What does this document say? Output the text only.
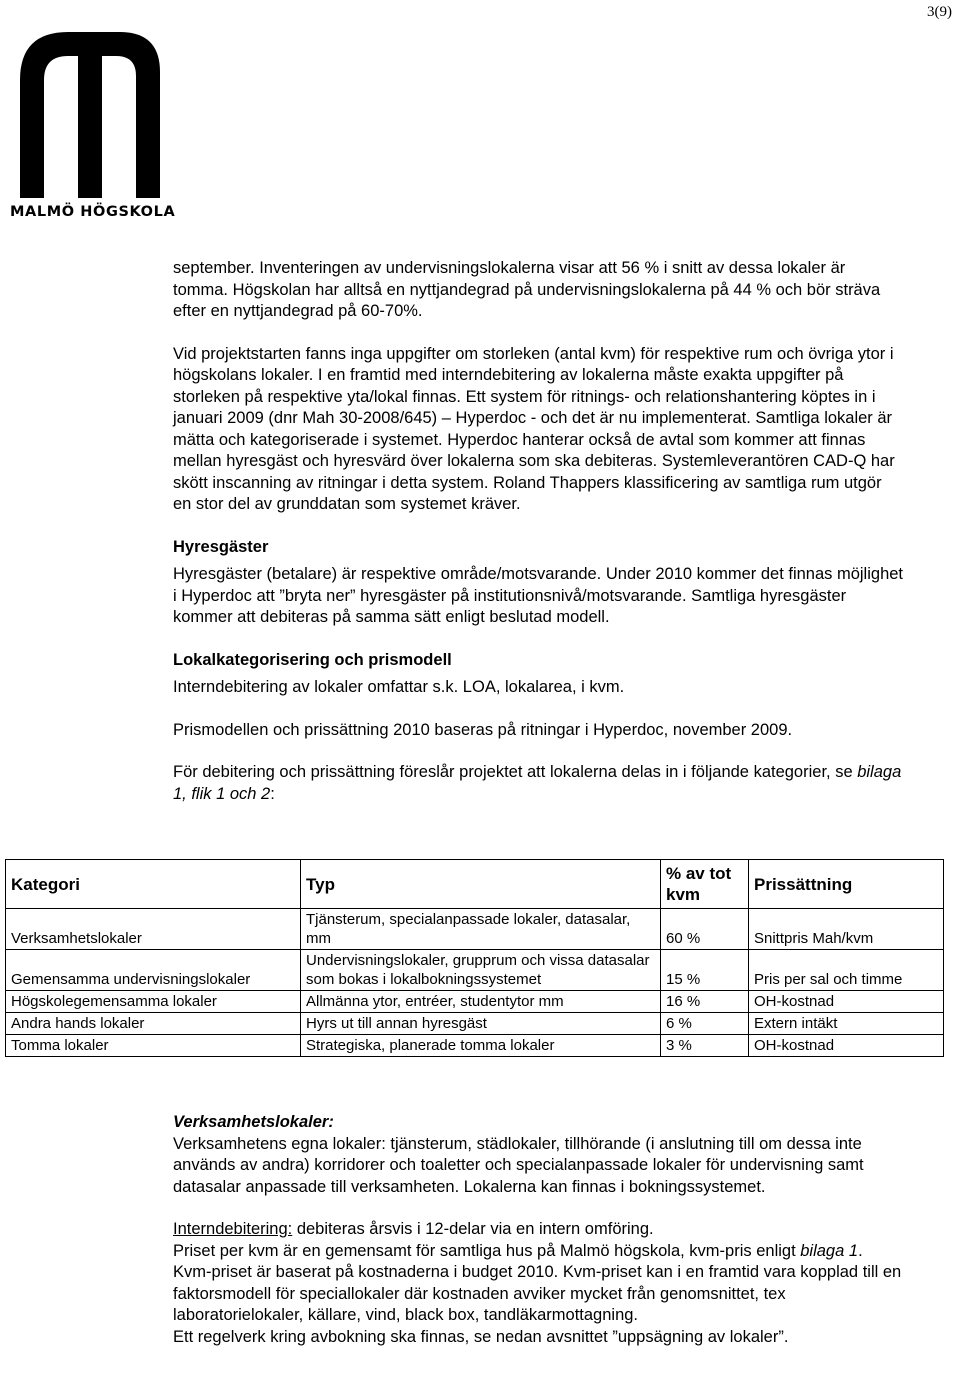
3(9)
MALMÖ HÖGSKOLA

september. Inventeringen av undervisningslokalerna visar att 56 % i snitt av dessa lokaler är tomma. Högskolan har alltså en nyttjandegrad på undervisningslokalerna på 44 % och bör sträva efter en nyttjandegrad på 60-70%.

Vid projektstarten fanns inga uppgifter om storleken (antal kvm) för respektive rum och övriga ytor i högskolans lokaler. I en framtid med interndebitering av lokalerna måste exakta uppgifter på storleken på respektive yta/lokal finnas. Ett system för ritnings- och relationshantering köptes in i januari 2009 (dnr Mah 30-2008/645) – Hyperdoc - och det är nu implementerat. Samtliga lokaler är mätta och kategoriserade i systemet. Hyperdoc hanterar också de avtal som kommer att finnas mellan hyresgäst och hyresvärd över lokalerna som ska debiteras. Systemleverantören CAD-Q har skött inscanning av ritningar i detta system. Roland Thappers klassificering av samtliga rum utgör en stor del av grunddatan som systemet kräver.

Hyresgäster

Hyresgäster (betalare) är respektive område/motsvarande. Under 2010 kommer det finnas möjlighet i Hyperdoc att ”bryta ner” hyresgäster på institutionsnivå/motsvarande. Samtliga hyresgäster kommer att debiteras på samma sätt enligt beslutad modell.

Lokalkategorisering och prismodell

Interndebitering av lokaler omfattar s.k. LOA, lokalarea, i kvm.

Prismodellen och prissättning 2010 baseras på ritningar i Hyperdoc, november 2009.

För debitering och prissättning föreslår projektet att lokalerna delas in i följande kategorier, se bilaga 1, flik 1 och 2:

Kategori	Typ	% av tot kvm	Prissättning
Verksamhetslokaler	Tjänsterum, specialanpassade lokaler, datasalar, mm	60 %	Snittpris Mah/kvm
Gemensamma undervisningslokaler	Undervisningslokaler, grupprum och vissa datasalar som bokas i lokalbokningssystemet	15 %	Pris per sal och timme
Högskolegemensamma lokaler	Allmänna ytor, entréer, studentytor mm	16 %	OH-kostnad
Andra hands lokaler	Hyrs ut till annan hyresgäst	6 %	Extern intäkt
Tomma lokaler	Strategiska, planerade tomma lokaler	3 %	OH-kostnad

Verksamhetslokaler:

Verksamhetens egna lokaler: tjänsterum, städlokaler, tillhörande (i anslutning till om dessa inte används av andra) korridorer och toaletter och specialanpassade lokaler för undervisning samt datasalar anpassade till verksamheten. Lokalerna kan finnas i bokningssystemet.

Interndebitering: debiteras årsvis i 12-delar via en intern omföring.

Priset per kvm är en gemensamt för samtliga hus på Malmö högskola, kvm-pris enligt bilaga 1. Kvm-priset är baserat på kostnaderna i budget 2010. Kvm-priset kan i en framtid vara kopplad till en faktorsmodell för speciallokaler där kostnaden avviker mycket från genomsnittet, tex laboratorielokaler, källare, vind, black box, tandläkarmottagning.

Ett regelverk kring avbokning ska finnas, se nedan avsnittet ”uppsägning av lokaler”.
